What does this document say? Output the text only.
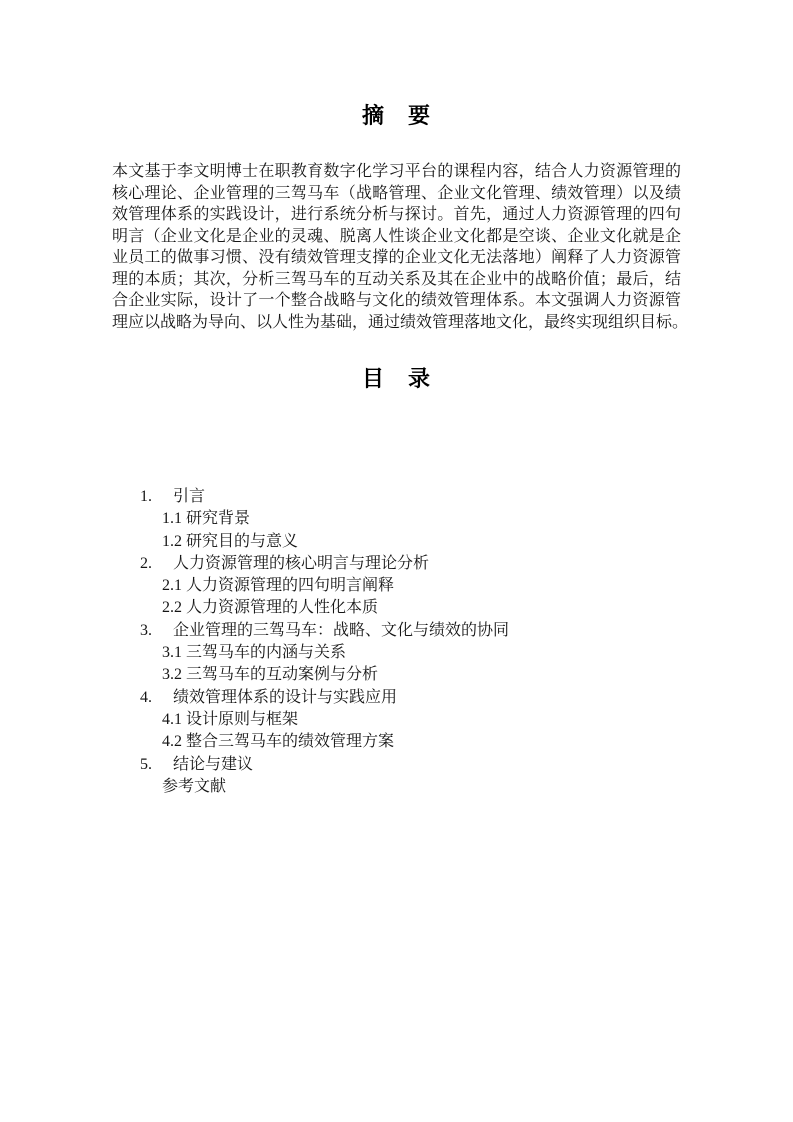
摘　要
本文基于李文明博士在职教育数字化学习平台的课程内容，结合人力资源管理的
核心理论、企业管理的三驾马车（战略管理、企业文化管理、绩效管理）以及绩
效管理体系的实践设计，进行系统分析与探讨。首先，通过人力资源管理的四句
明言（企业文化是企业的灵魂、脱离人性谈企业文化都是空谈、企业文化就是企
业员工的做事习惯、没有绩效管理支撑的企业文化无法落地）阐释了人力资源管
理的本质；其次，分析三驾马车的互动关系及其在企业中的战略价值；最后，结
合企业实际，设计了一个整合战略与文化的绩效管理体系。本文强调人力资源管
理应以战略为导向、以人性为基础，通过绩效管理落地文化，最终实现组织目标。
目　录
1. 引言
1.1 研究背景
1.2 研究目的与意义
2. 人力资源管理的核心明言与理论分析
2.1 人力资源管理的四句明言阐释
2.2 人力资源管理的人性化本质
3. 企业管理的三驾马车：战略、文化与绩效的协同
3.1 三驾马车的内涵与关系
3.2 三驾马车的互动案例与分析
4. 绩效管理体系的设计与实践应用
4.1 设计原则与框架
4.2 整合三驾马车的绩效管理方案
5. 结论与建议
参考文献
